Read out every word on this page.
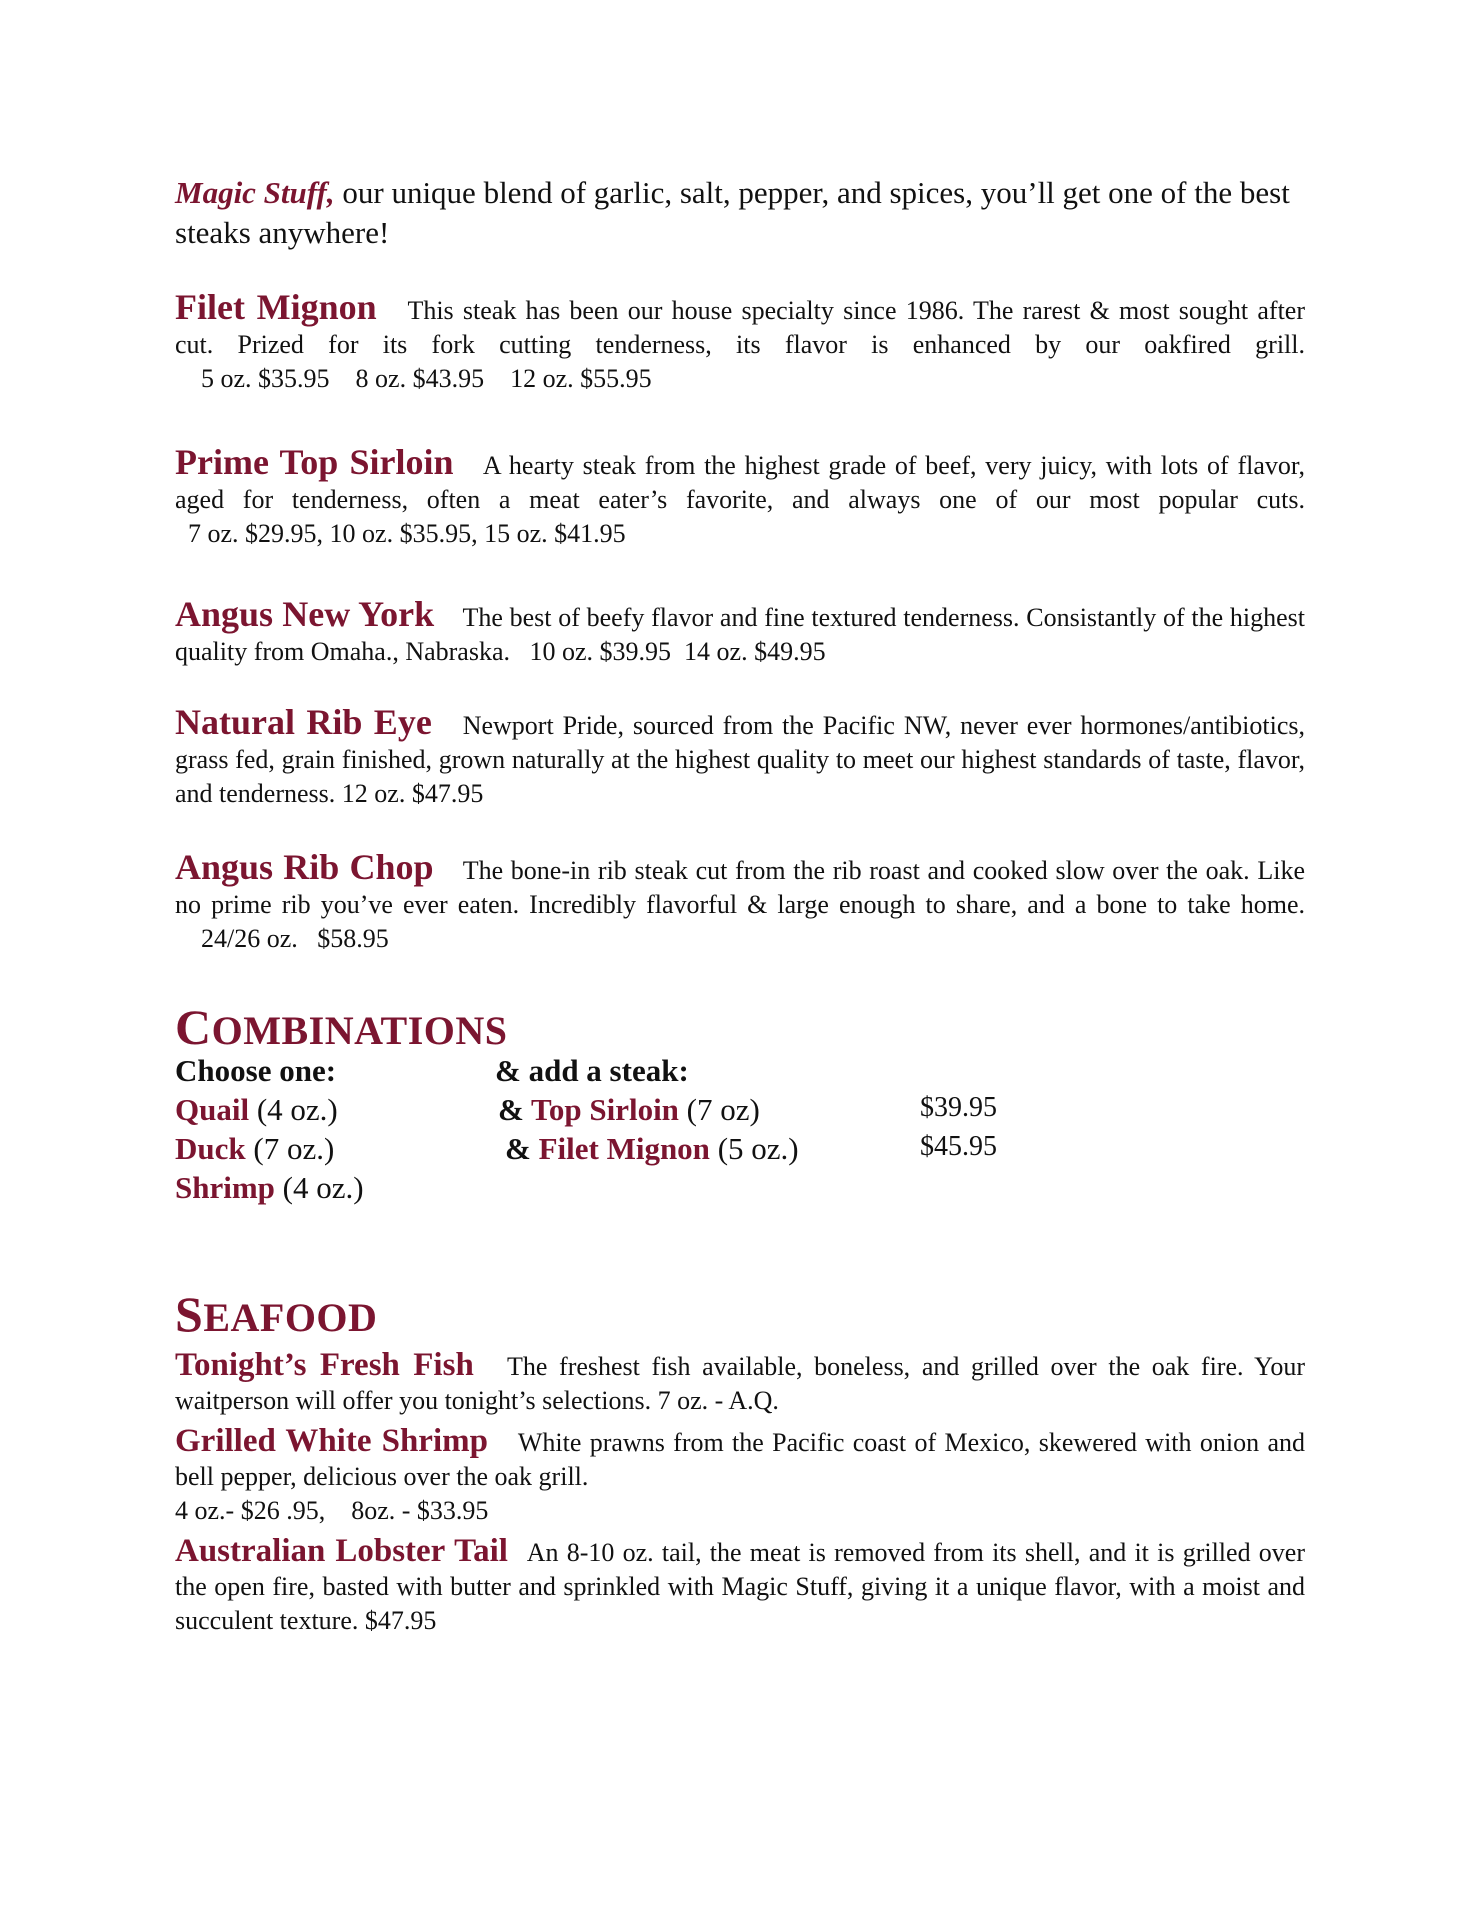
Magic Stuff, our unique blend of garlic, salt, pepper, and spices, you’ll get one of the best steaks anywhere!
Filet Mignon This steak has been our house specialty since 1986. The rarest & most sought after cut. Prized for its fork cutting tenderness, its flavor is enhanced by our oakfired grill.     5 oz. $35.95    8 oz. $43.95    12 oz. $55.95
Prime Top Sirloin A hearty steak from the highest grade of beef, very juicy, with lots of flavor, aged for tenderness, often a meat eater’s favorite, and always one of our most popular cuts.  7 oz. $29.95, 10 oz. $35.95, 15 oz. $41.95
Angus New York The best of beefy flavor and fine textured tenderness. Consistantly of the highest quality from Omaha., Nabraska.   10 oz. $39.95  14 oz. $49.95
Natural Rib Eye Newport Pride, sourced from the Pacific NW, never ever hormones/antibiotics, grass fed, grain finished, grown naturally at the highest quality to meet our highest standards of taste, flavor, and tenderness. 12 oz. $47.95
Angus Rib Chop The bone-in rib steak cut from the rib roast and cooked slow over the oak. Like no prime rib you’ve ever eaten. Incredibly flavorful & large enough to share, and a bone to take home.    24/26 oz.   $58.95
COMBINATIONS
Choose one:	& add a steak:
Quail (4 oz.)	& Top Sirloin (7 oz)	$39.95
Duck (7 oz.)	& Filet Mignon (5 oz.)	$45.95
Shrimp (4 oz.)
SEAFOOD
Tonight’s Fresh Fish The freshest fish available, boneless, and grilled over the oak fire. Your waitperson will offer you tonight’s selections. 7 oz. - A.Q.
Grilled White Shrimp White prawns from the Pacific coast of Mexico, skewered with onion and bell pepper, delicious over the oak grill.
4 oz.- $26 .95,    8oz. - $33.95
Australian Lobster Tail An 8-10 oz. tail, the meat is removed from its shell, and it is grilled over the open fire, basted with butter and sprinkled with Magic Stuff, giving it a unique flavor, with a moist and succulent texture. $47.95
